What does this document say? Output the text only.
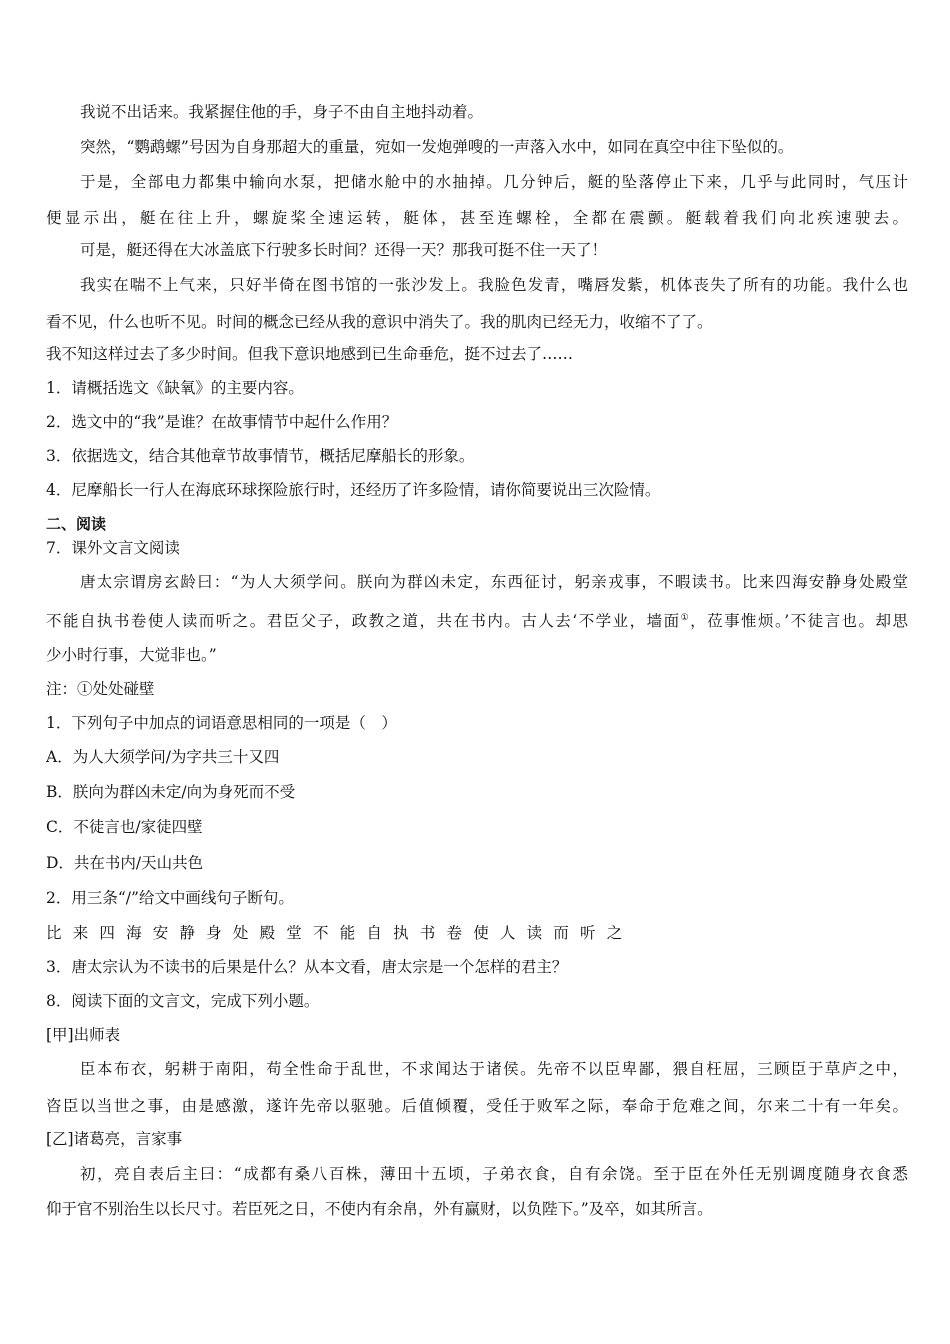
我说不出话来。我紧握住他的手，身子不由自主地抖动着。
突然，“鹦鹉螺”号因为自身那超大的重量，宛如一发炮弹嗖的一声落入水中，如同在真空中往下坠似的。
于是，全部电力都集中输向水泵，把储水舱中的水抽掉。几分钟后，艇的坠落停止下来，几乎与此同时，气压计
便显示出，艇在往上升，螺旋桨全速运转，艇体，甚至连螺栓，全都在震颤。艇载着我们向北疾速驶去。
可是，艇还得在大冰盖底下行驶多长时间？还得一天？那我可挺不住一天了！
我实在喘不上气来，只好半倚在图书馆的一张沙发上。我脸色发青，嘴唇发紫，机体丧失了所有的功能。我什么也
看不见，什么也听不见。时间的概念已经从我的意识中消失了。我的肌肉已经无力，收缩不了了。
我不知这样过去了多少时间。但我下意识地感到已生命垂危，挺不过去了……
1．请概括选文《缺氧》的主要内容。
2．选文中的“我”是谁？在故事情节中起什么作用？
3．依据选文，结合其他章节故事情节，概括尼摩船长的形象。
4．尼摩船长一行人在海底环球探险旅行时，还经历了许多险情，请你简要说出三次险情。
二、阅读
7．课外文言文阅读
唐太宗谓房玄龄曰：“为人大须学问。朕向为群凶未定，东西征讨，躬亲戎事，不暇读书。比来四海安静身处殿堂
不能自执书卷使人读而听之。君臣父子，政教之道，共在书内。古人去‘不学业，墙面①，莅事惟烦。’不徒言也。却思
少小时行事，大觉非也。”
注：①处处碰壁
1．下列句子中加点的词语意思相同的一项是（　）
A．为人大须学问/为字共三十又四
B．朕向为群凶未定/向为身死而不受
C．不徒言也/家徒四壁
D．共在书内/天山共色
2．用三条“/”给文中画线句子断句。
比来四海安静身处殿堂不能自执书卷使人读而听之
3．唐太宗认为不读书的后果是什么？从本文看，唐太宗是一个怎样的君主？
8．阅读下面的文言文，完成下列小题。
[甲]出师表
臣本布衣，躬耕于南阳，苟全性命于乱世，不求闻达于诸侯。先帝不以臣卑鄙，猥自枉屈，三顾臣于草庐之中，
咨臣以当世之事，由是感激，遂许先帝以驱驰。后值倾覆，受任于败军之际，奉命于危难之间，尔来二十有一年矣。
[乙]诸葛亮，言家事
初，亮自表后主曰：“成都有桑八百株，薄田十五顷，子弟衣食，自有余饶。至于臣在外任无别调度随身衣食悉
仰于官不别治生以长尺寸。若臣死之日，不使内有余帛，外有赢财，以负陛下。”及卒，如其所言。
